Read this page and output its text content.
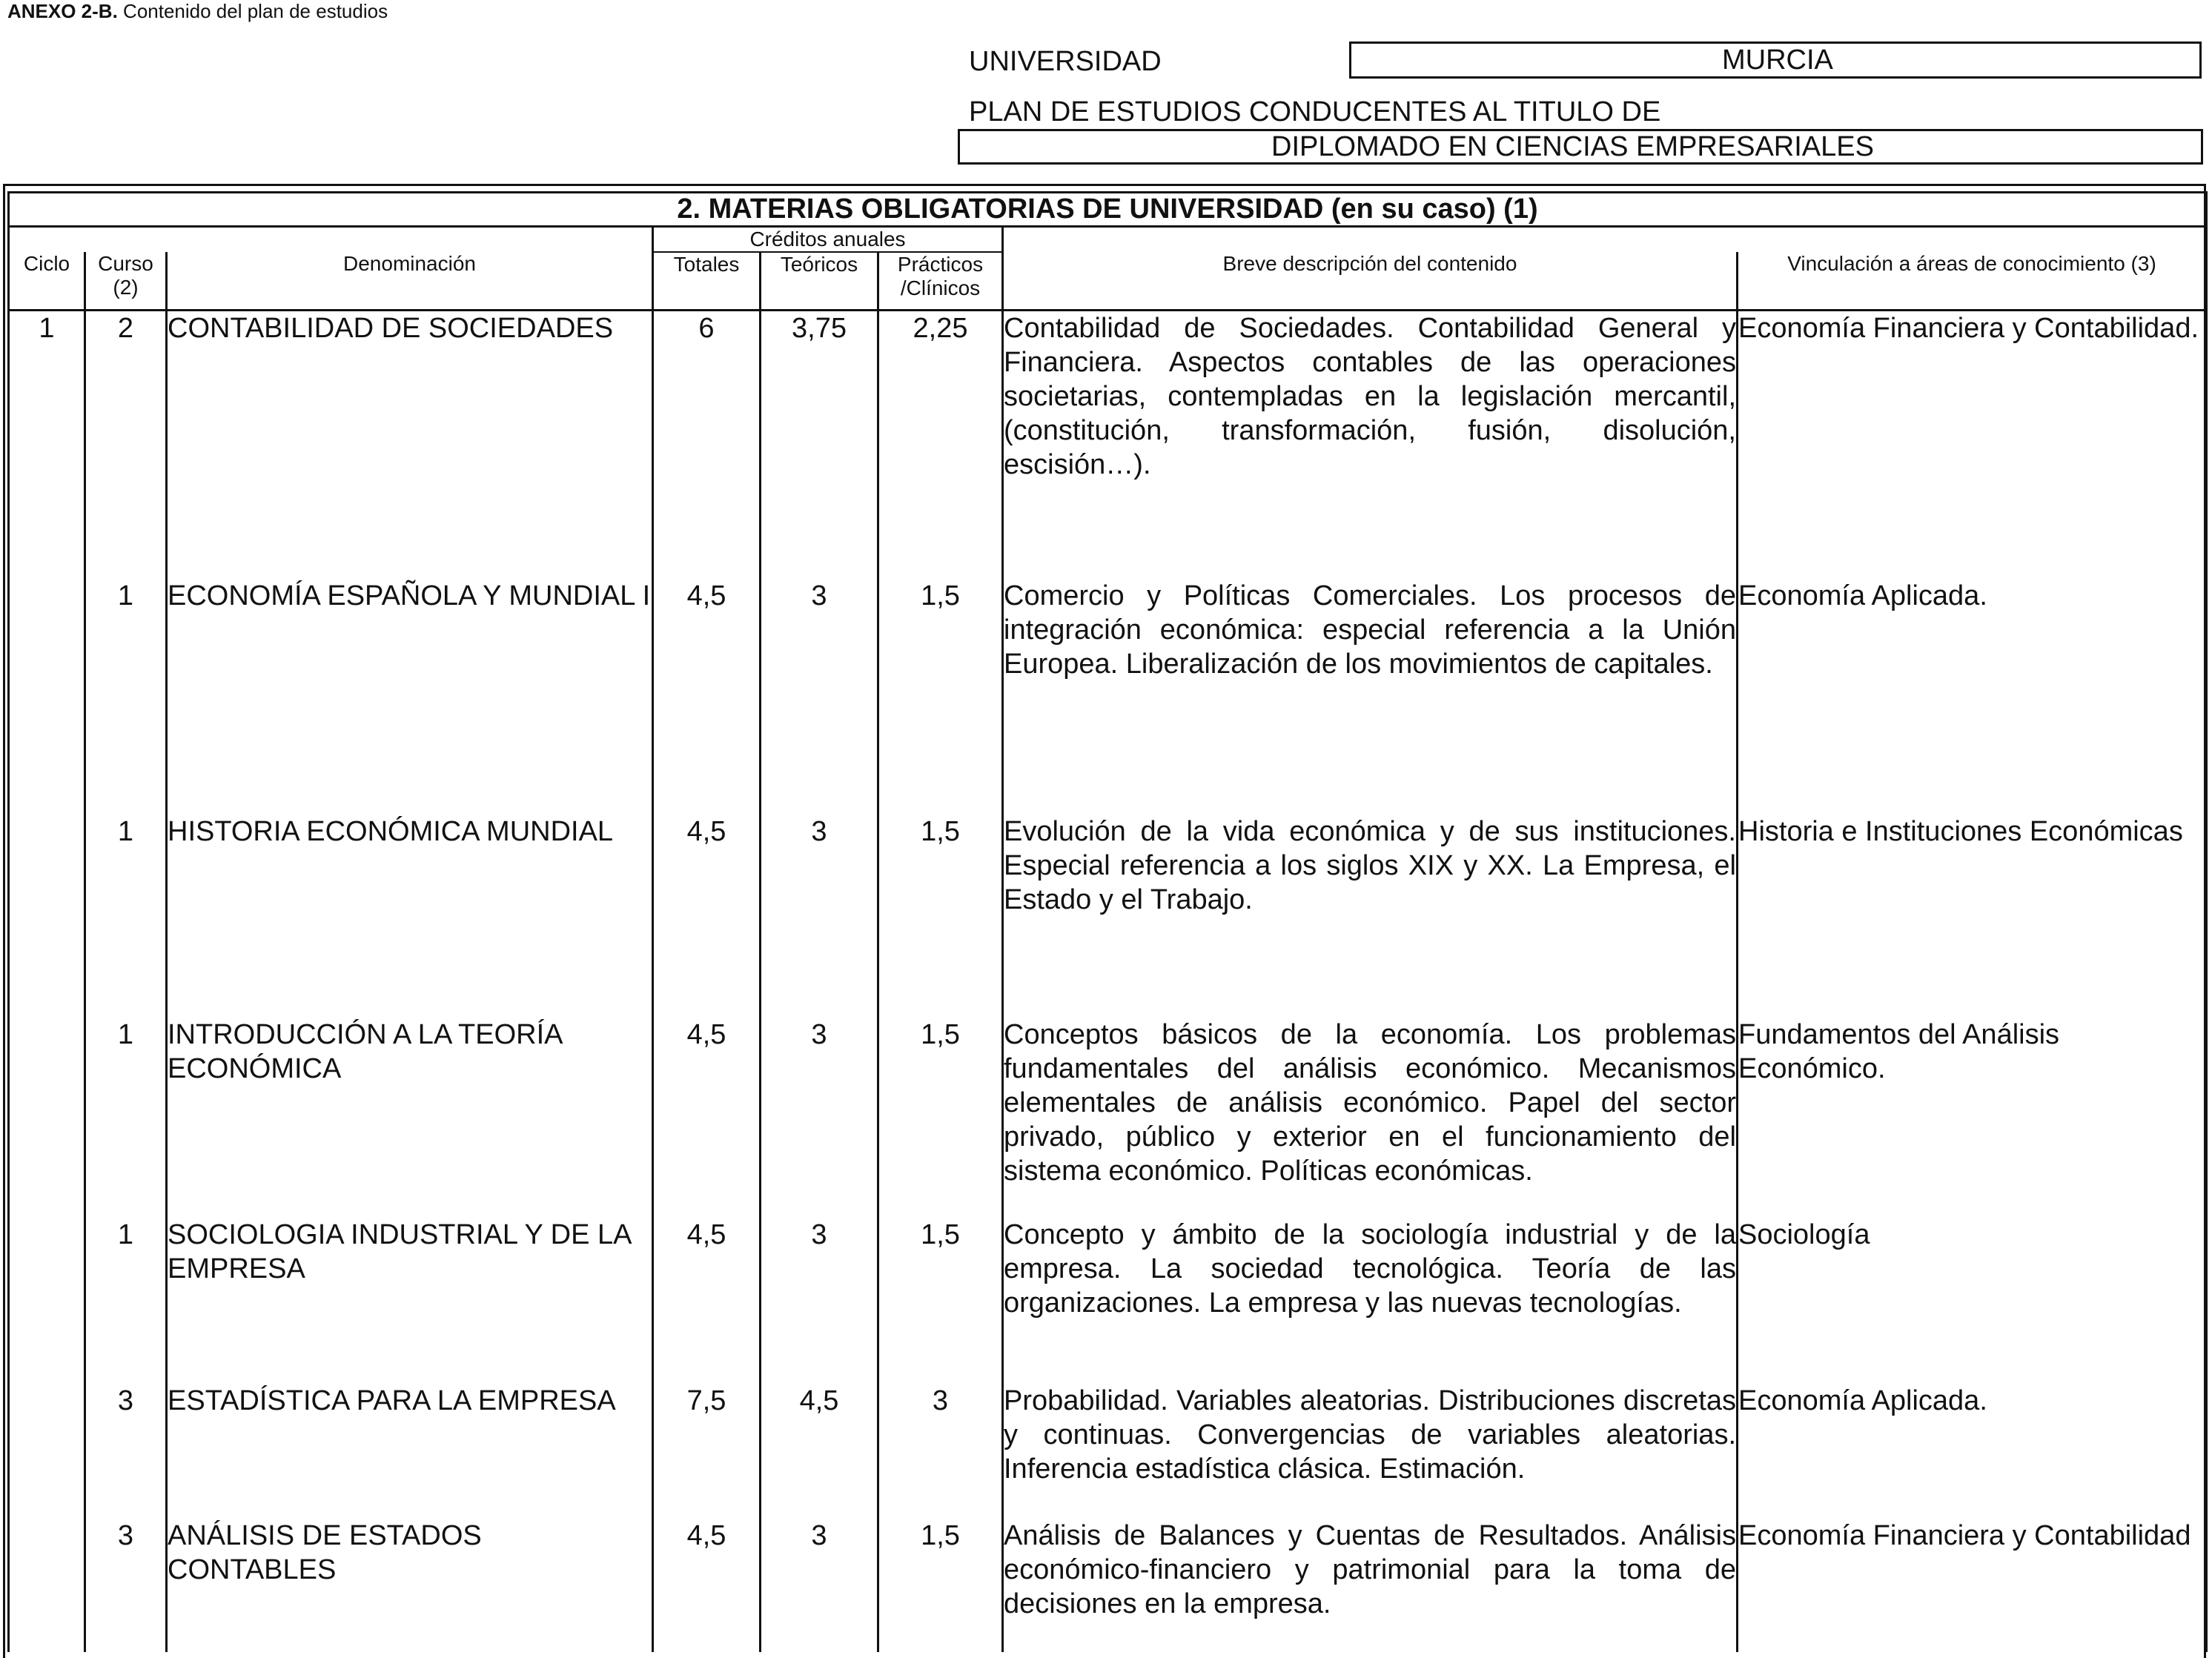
ANEXO 2-B. Contenido del plan de estudios
UNIVERSIDAD	MURCIA
PLAN DE ESTUDIOS CONDUCENTES AL TITULO DE
DIPLOMADO EN CIENCIAS EMPRESARIALES
2. MATERIAS OBLIGATORIAS DE UNIVERSIDAD (en su caso) (1)							
			Créditos anuales				
Ciclo	Curso (2)	Denominación	Totales	Teóricos	Prácticos /Clínicos	Breve descripción del contenido	Vinculación a áreas de conocimiento (3)
1	2	CONTABILIDAD DE SOCIEDADES	6	3,75	2,25	Contabilidad de Sociedades. Contabilidad General y Financiera. Aspectos contables de las operaciones societarias, contempladas en la legislación mercantil, (constitución, transformación, fusión, disolución, escisión…).	Economía Financiera y Contabilidad.
	1	ECONOMÍA ESPAÑOLA Y MUNDIAL I	4,5	3	1,5	Comercio y Políticas Comerciales. Los procesos de integración económica: especial referencia a la Unión Europea. Liberalización de los movimientos de capitales.	Economía Aplicada.
	1	HISTORIA ECONÓMICA MUNDIAL	4,5	3	1,5	Evolución de la vida económica y de sus instituciones. Especial referencia a los siglos XIX y XX. La Empresa, el Estado y el Trabajo.	Historia e Instituciones Económicas
	1	INTRODUCCIÓN A LA TEORÍA ECONÓMICA	4,5	3	1,5	Conceptos básicos de la economía. Los problemas fundamentales del análisis económico. Mecanismos elementales de análisis económico. Papel del sector privado, público y exterior en el funcionamiento del sistema económico. Políticas económicas.	Fundamentos del Análisis Económico.
	1	SOCIOLOGIA INDUSTRIAL Y DE LA EMPRESA	4,5	3	1,5	Concepto y ámbito de la sociología industrial y de la empresa. La sociedad tecnológica. Teoría de las organizaciones. La empresa y las nuevas tecnologías.	Sociología
	3	ESTADÍSTICA PARA LA EMPRESA	7,5	4,5	3	Probabilidad. Variables aleatorias. Distribuciones discretas y continuas. Convergencias de variables aleatorias. Inferencia estadística clásica. Estimación.	Economía Aplicada.
	3	ANÁLISIS DE ESTADOS CONTABLES	4,5	3	1,5	Análisis de Balances y Cuentas de Resultados. Análisis económico-financiero y patrimonial para la toma de decisiones en la empresa.	Economía Financiera y Contabilidad
